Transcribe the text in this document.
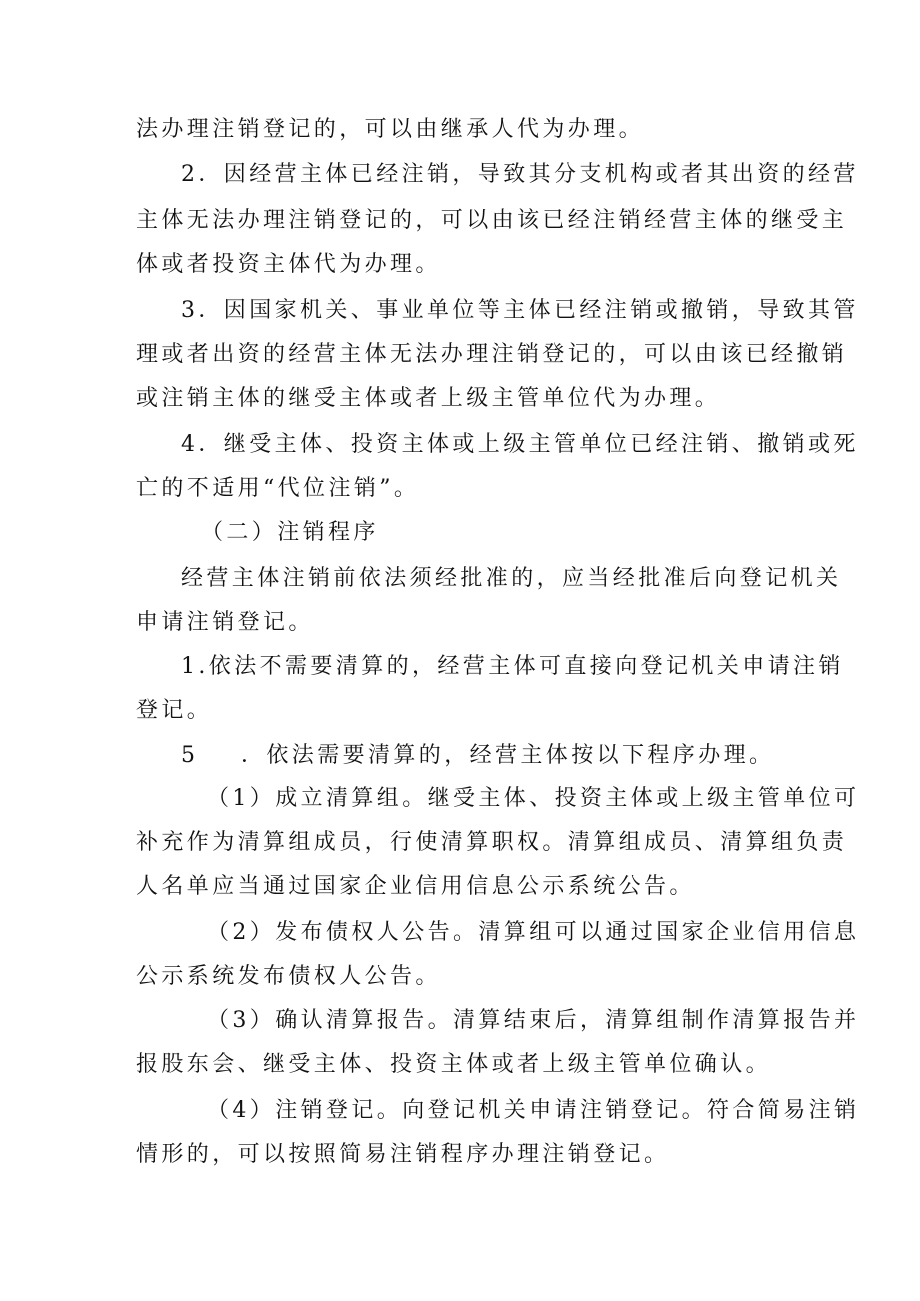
法办理注销登记的，可以由继承人代为办理。
2．因经营主体已经注销，导致其分支机构或者其出资的经营
主体无法办理注销登记的，可以由该已经注销经营主体的继受主
体或者投资主体代为办理。
3．因国家机关、事业单位等主体已经注销或撤销，导致其管
理或者出资的经营主体无法办理注销登记的，可以由该已经撤销
或注销主体的继受主体或者上级主管单位代为办理。
4．继受主体、投资主体或上级主管单位已经注销、撤销或死
亡的不适用“代位注销”。
（二）注销程序
经营主体注销前依法须经批准的，应当经批准后向登记机关
申请注销登记。
1.依法不需要清算的，经营主体可直接向登记机关申请注销
登记。
5 ．依法需要清算的，经营主体按以下程序办理。
（1）成立清算组。继受主体、投资主体或上级主管单位可
补充作为清算组成员，行使清算职权。清算组成员、清算组负责
人名单应当通过国家企业信用信息公示系统公告。
（2）发布债权人公告。清算组可以通过国家企业信用信息
公示系统发布债权人公告。
（3）确认清算报告。清算结束后，清算组制作清算报告并
报股东会、继受主体、投资主体或者上级主管单位确认。
（4）注销登记。向登记机关申请注销登记。符合简易注销
情形的，可以按照简易注销程序办理注销登记。
